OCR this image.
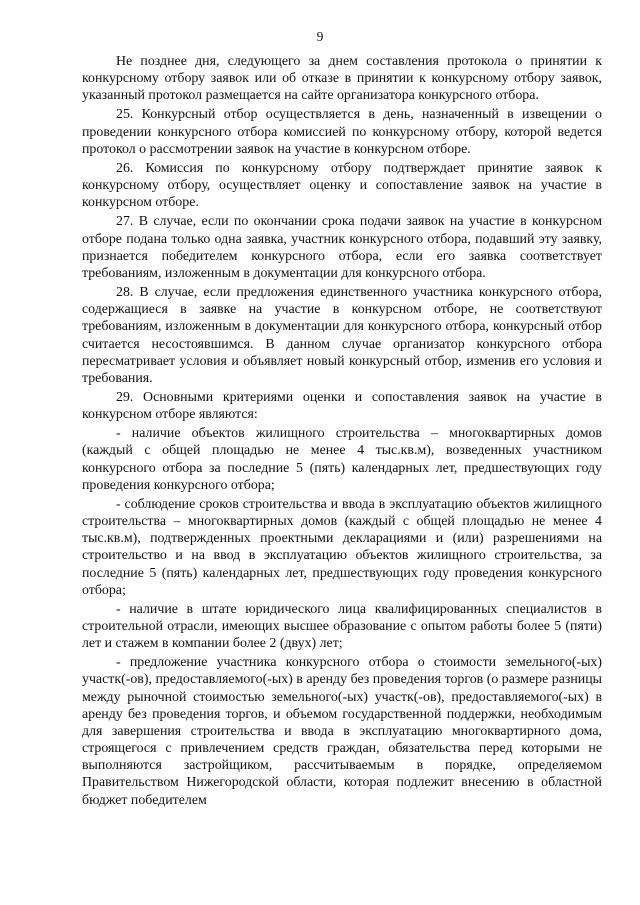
9

Не позднее дня, следующего за днем составления протокола о принятии к конкурсному отбору заявок или об отказе в принятии к конкурсному отбору заявок, указанный протокол размещается на сайте организатора конкурсного отбора.

25. Конкурсный отбор осуществляется в день, назначенный в извещении о проведении конкурсного отбора комиссией по конкурсному отбору, которой ведется протокол о рассмотрении заявок на участие в конкурсном отборе.

26. Комиссия по конкурсному отбору подтверждает принятие заявок к конкурсному отбору, осуществляет оценку и сопоставление заявок на участие в конкурсном отборе.

27. В случае, если по окончании срока подачи заявок на участие в конкурсном отборе подана только одна заявка, участник конкурсного отбора, подавший эту заявку, признается победителем конкурсного отбора, если его заявка соответствует требованиям, изложенным в документации для конкурсного отбора.

28. В случае, если предложения единственного участника конкурсного отбора, содержащиеся в заявке на участие в конкурсном отборе, не соответствуют требованиям, изложенным в документации для конкурсного отбора, конкурсный отбор считается несостоявшимся. В данном случае организатор конкурсного отбора пересматривает условия и объявляет новый конкурсный отбор, изменив его условия и требования.

29. Основными критериями оценки и сопоставления заявок на участие в конкурсном отборе являются:

- наличие объектов жилищного строительства – многоквартирных домов (каждый с общей площадью не менее 4 тыс.кв.м), возведенных участником конкурсного отбора за последние 5 (пять) календарных лет, предшествующих году проведения конкурсного отбора;

- соблюдение сроков строительства и ввода в эксплуатацию объектов жилищного строительства – многоквартирных домов (каждый с общей площадью не менее 4 тыс.кв.м), подтвержденных проектными декларациями и (или) разрешениями на строительство и на ввод в эксплуатацию объектов жилищного строительства, за последние 5 (пять) календарных лет, предшествующих году проведения конкурсного отбора;

- наличие в штате юридического лица квалифицированных специалистов в строительной отрасли, имеющих высшее образование с опытом работы более 5 (пяти) лет и стажем в компании более 2 (двух) лет;

- предложение участника конкурсного отбора о стоимости земельного(-ых) участк(-ов), предоставляемого(-ых) в аренду без проведения торгов (о размере разницы между рыночной стоимостью земельного(-ых) участк(-ов), предоставляемого(-ых) в аренду без проведения торгов, и объемом государственной поддержки, необходимым для завершения строительства и ввода в эксплуатацию многоквартирного дома, строящегося с привлечением средств граждан, обязательства перед которыми не выполняются застройщиком, рассчитываемым в порядке, определяемом Правительством Нижегородской области, которая подлежит внесению в областной бюджет победителем
